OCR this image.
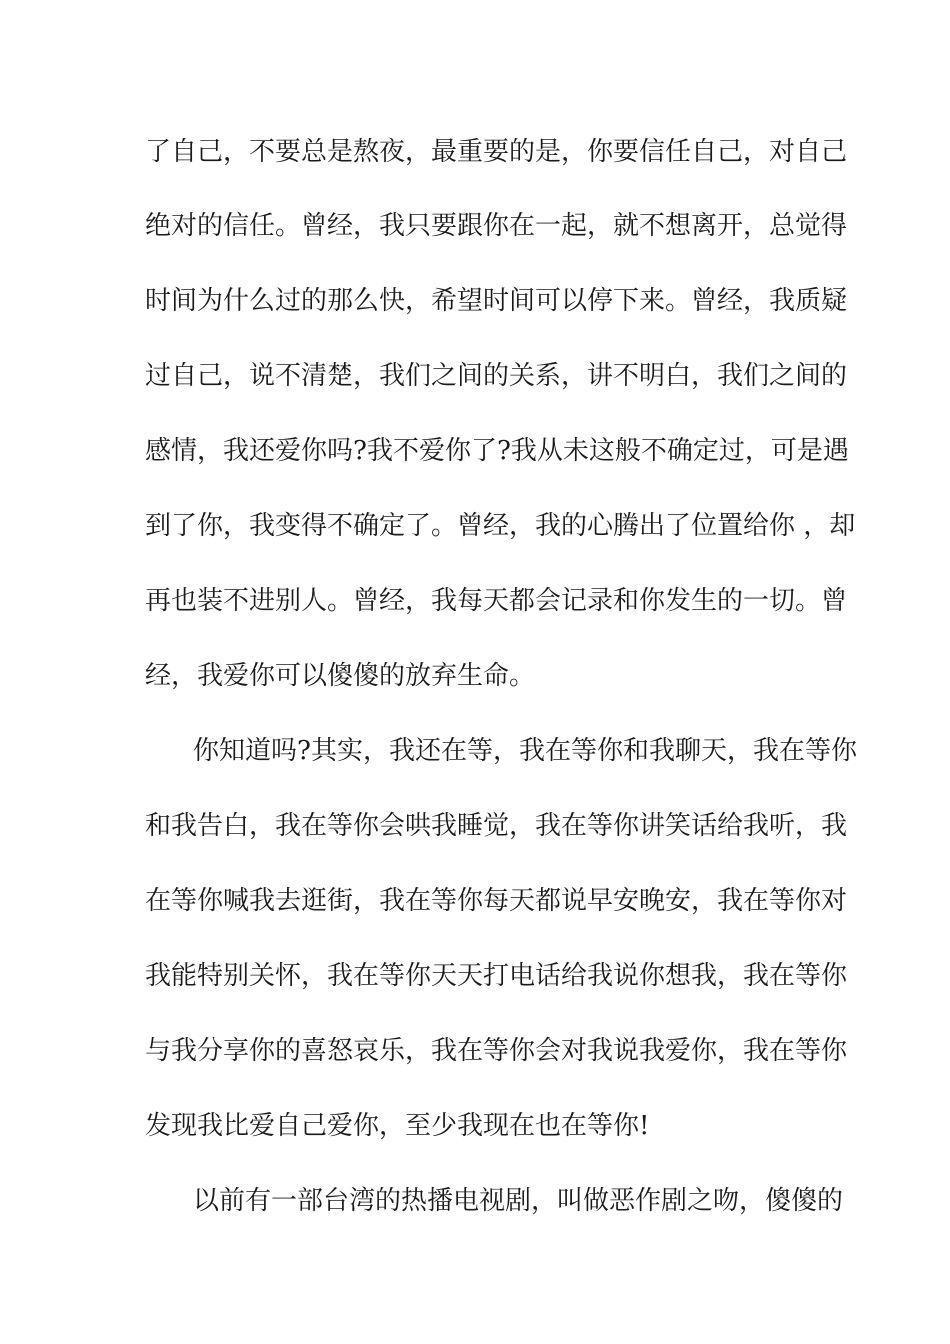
了自己，不要总是熬夜，最重要的是，你要信任自己，对自己
绝对的信任。曾经，我只要跟你在一起，就不想离开，总觉得
时间为什么过的那么快，希望时间可以停下来。曾经，我质疑
过自己，说不清楚，我们之间的关系，讲不明白，我们之间的
感情，我还爱你吗?我不爱你了?我从未这般不确定过，可是遇
到了你，我变得不确定了。曾经，我的心腾出了位置给你 ，却
再也装不进别人。曾经，我每天都会记录和你发生的一切。曾
经，我爱你可以傻傻的放弃生命。
你知道吗?其实，我还在等，我在等你和我聊天，我在等你
和我告白，我在等你会哄我睡觉，我在等你讲笑话给我听，我
在等你喊我去逛街，我在等你每天都说早安晚安，我在等你对
我能特别关怀，我在等你天天打电话给我说你想我，我在等你
与我分享你的喜怒哀乐，我在等你会对我说我爱你，我在等你
发现我比爱自己爱你，至少我现在也在等你!
以前有一部台湾的热播电视剧，叫做恶作剧之吻，傻傻的
